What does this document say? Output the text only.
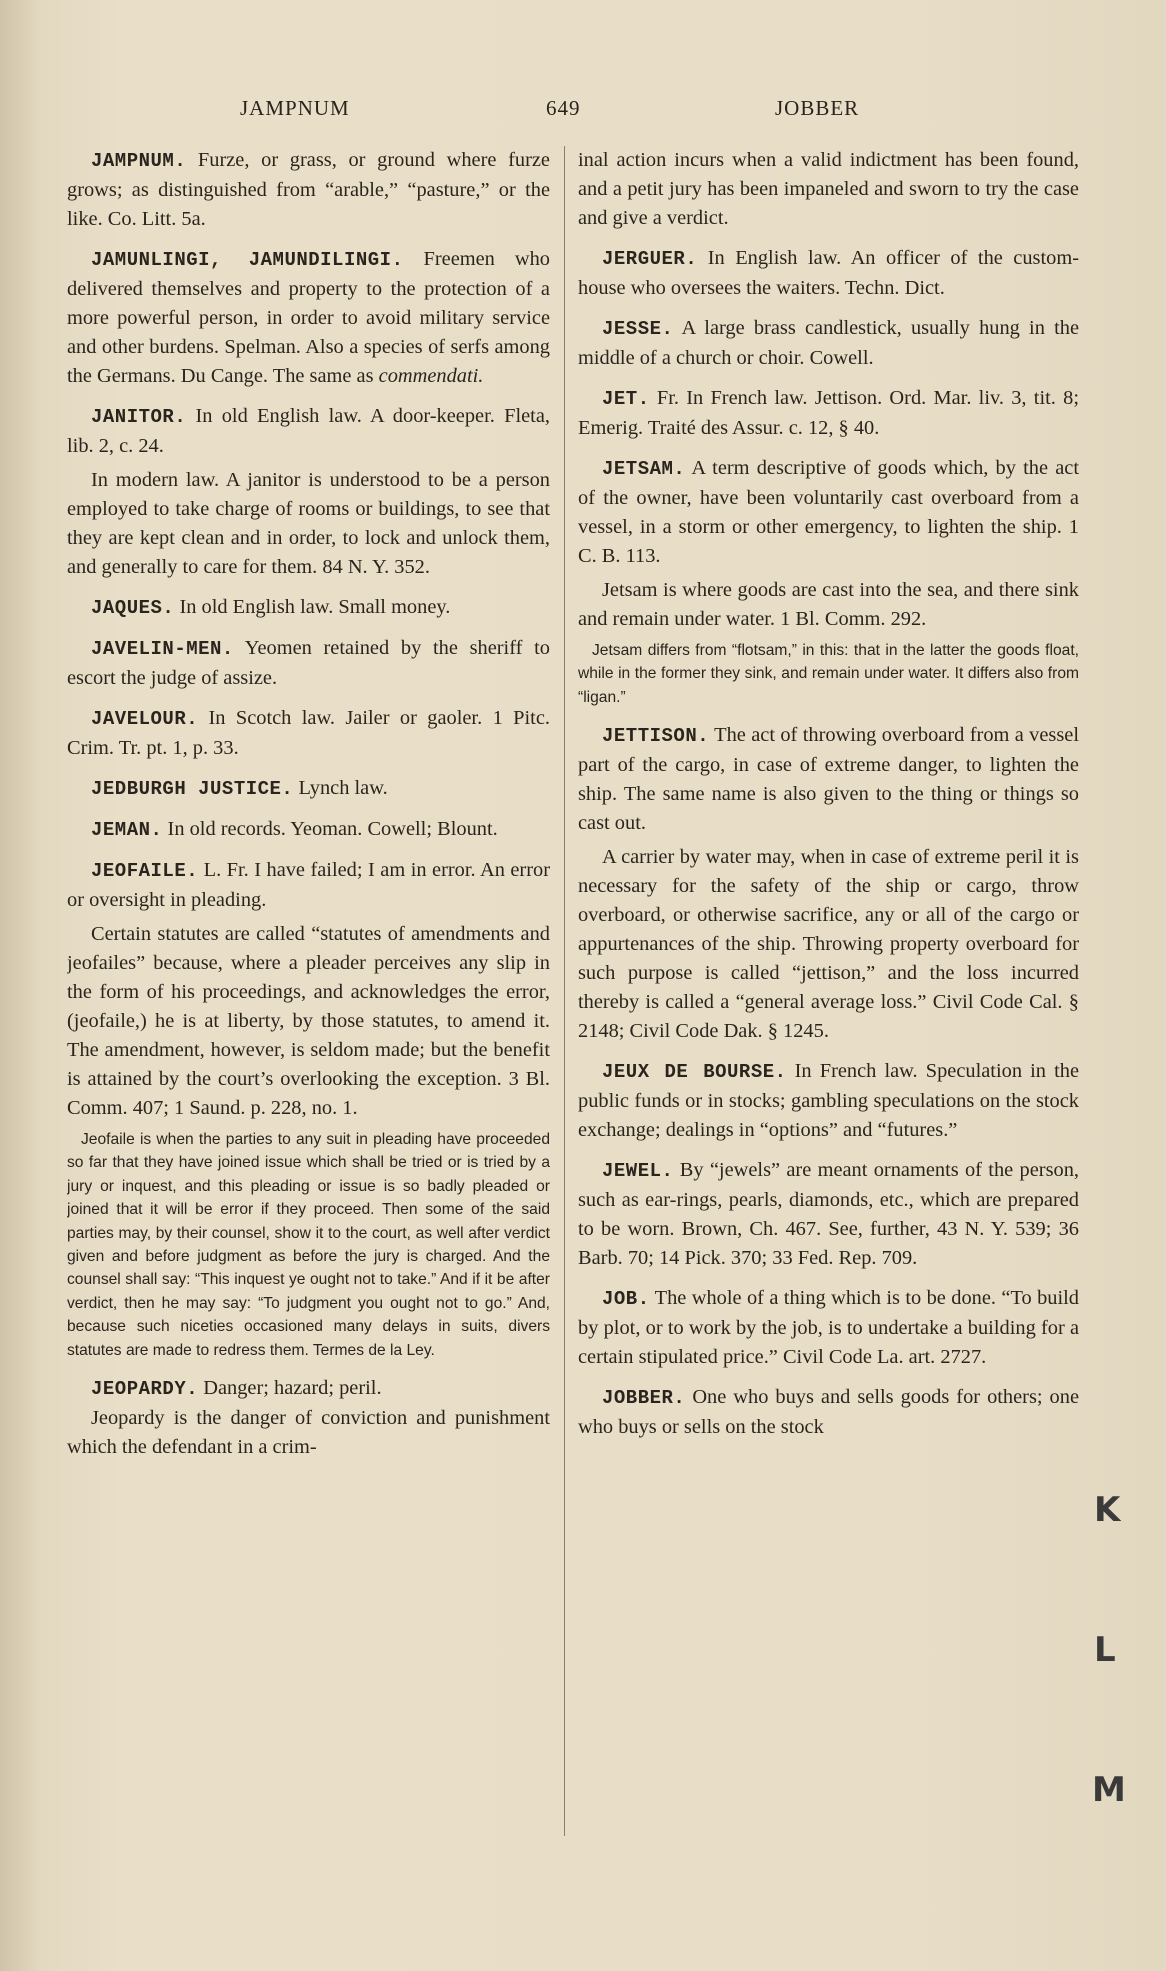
JAMPNUM	649	JOBBER

JAMPNUM. Furze, or grass, or ground where furze grows; as distinguished from “arable,” “pasture,” or the like. Co. Litt. 5a.

JAMUNLINGI, JAMUNDILINGI. Freemen who delivered themselves and property to the protection of a more powerful person, in order to avoid military service and other burdens. Spelman. Also a species of serfs among the Germans. Du Cange. The same as commendati.

JANITOR. In old English law. A door-keeper. Fleta, lib. 2, c. 24.

In modern law. A janitor is understood to be a person employed to take charge of rooms or buildings, to see that they are kept clean and in order, to lock and unlock them, and generally to care for them. 84 N. Y. 352.

JAQUES. In old English law. Small money.

JAVELIN-MEN. Yeomen retained by the sheriff to escort the judge of assize.

JAVELOUR. In Scotch law. Jailer or gaoler. 1 Pitc. Crim. Tr. pt. 1, p. 33.

JEDBURGH JUSTICE. Lynch law.

JEMAN. In old records. Yeoman. Cowell; Blount.

JEOFAILE. L. Fr. I have failed; I am in error. An error or oversight in pleading.

Certain statutes are called “statutes of amendments and jeofailes” because, where a pleader perceives any slip in the form of his proceedings, and acknowledges the error, (jeofaile,) he is at liberty, by those statutes, to amend it. The amendment, however, is seldom made; but the benefit is attained by the court’s overlooking the exception. 3 Bl. Comm. 407; 1 Saund. p. 228, no. 1.

Jeofaile is when the parties to any suit in pleading have proceeded so far that they have joined issue which shall be tried or is tried by a jury or inquest, and this pleading or issue is so badly pleaded or joined that it will be error if they proceed. Then some of the said parties may, by their counsel, show it to the court, as well after verdict given and before judgment as before the jury is charged. And the counsel shall say: “This inquest ye ought not to take.” And if it be after verdict, then he may say: “To judgment you ought not to go.” And, because such niceties occasioned many delays in suits, divers statutes are made to redress them. Termes de la Ley.

JEOPARDY. Danger; hazard; peril.

Jeopardy is the danger of conviction and punishment which the defendant in a crim-

inal action incurs when a valid indictment has been found, and a petit jury has been impaneled and sworn to try the case and give a verdict.

JERGUER. In English law. An officer of the custom-house who oversees the waiters. Techn. Dict.

JESSE. A large brass candlestick, usually hung in the middle of a church or choir. Cowell.

JET. Fr. In French law. Jettison. Ord. Mar. liv. 3, tit. 8; Emerig. Traité des Assur. c. 12, § 40.

JETSAM. A term descriptive of goods which, by the act of the owner, have been voluntarily cast overboard from a vessel, in a storm or other emergency, to lighten the ship. 1 C. B. 113.

Jetsam is where goods are cast into the sea, and there sink and remain under water. 1 Bl. Comm. 292.

Jetsam differs from “flotsam,” in this: that in the latter the goods float, while in the former they sink, and remain under water. It differs also from “ligan.”

JETTISON. The act of throwing overboard from a vessel part of the cargo, in case of extreme danger, to lighten the ship. The same name is also given to the thing or things so cast out.

A carrier by water may, when in case of extreme peril it is necessary for the safety of the ship or cargo, throw overboard, or otherwise sacrifice, any or all of the cargo or appurtenances of the ship. Throwing property overboard for such purpose is called “jettison,” and the loss incurred thereby is called a “general average loss.” Civil Code Cal. § 2148; Civil Code Dak. § 1245.

JEUX DE BOURSE. In French law. Speculation in the public funds or in stocks; gambling speculations on the stock exchange; dealings in “options” and “futures.”

JEWEL. By “jewels” are meant ornaments of the person, such as ear-rings, pearls, diamonds, etc., which are prepared to be worn. Brown, Ch. 467. See, further, 43 N. Y. 539; 36 Barb. 70; 14 Pick. 370; 33 Fed. Rep. 709.

JOB. The whole of a thing which is to be done. “To build by plot, or to work by the job, is to undertake a building for a certain stipulated price.” Civil Code La. art. 2727.

JOBBER. One who buys and sells goods for others; one who buys or sells on the stock

K
L
M
